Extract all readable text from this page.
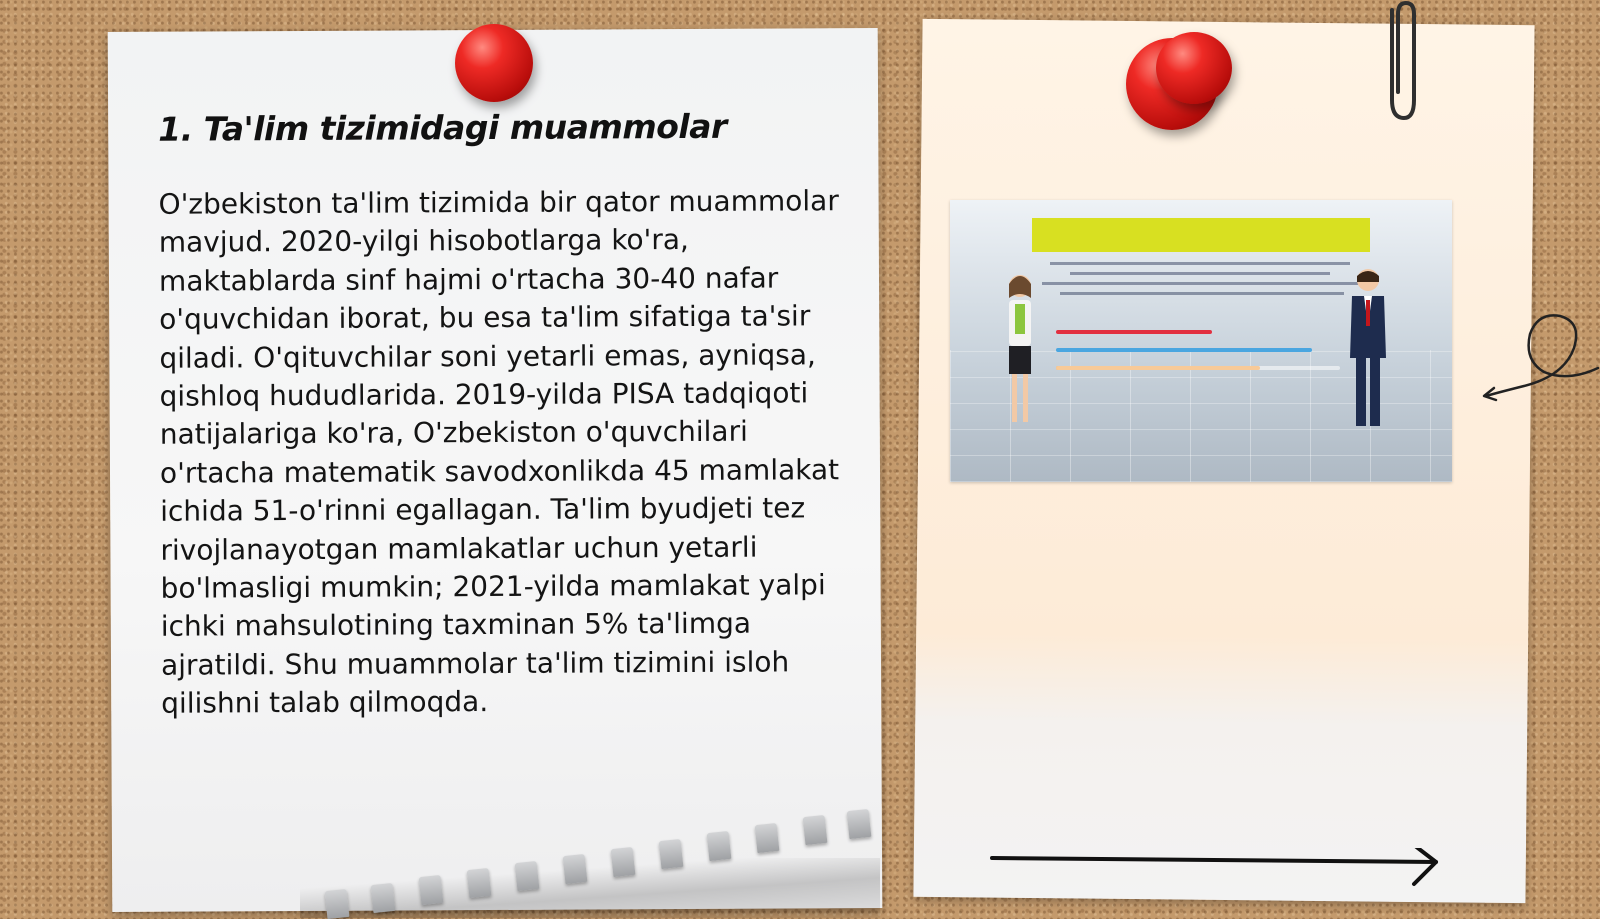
1. Ta'lim tizimidagi muammolar

O'zbekiston ta'lim tizimida bir qator muammolar mavjud. 2020-yilgi hisobotlarga ko'ra, maktablarda sinf hajmi o'rtacha 30-40 nafar o'quvchidan iborat, bu esa ta'lim sifatiga ta'sir qiladi. O'qituvchilar soni yetarli emas, ayniqsa, qishloq hududlarida. 2019-yilda PISA tadqiqoti natijalariga ko'ra, O'zbekiston o'quvchilari o'rtacha matematik savodxonlikda 45 mamlakat ichida 51-o'rinni egallagan. Ta'lim byudjeti tez rivojlanayotgan mamlakatlar uchun yetarli bo'lmasligi mumkin; 2021-yilda mamlakat yalpi ichki mahsulotining taxminan 5% ta'limga ajratildi. Shu muammolar ta'lim tizimini isloh qilishni talab qilmoqda.
